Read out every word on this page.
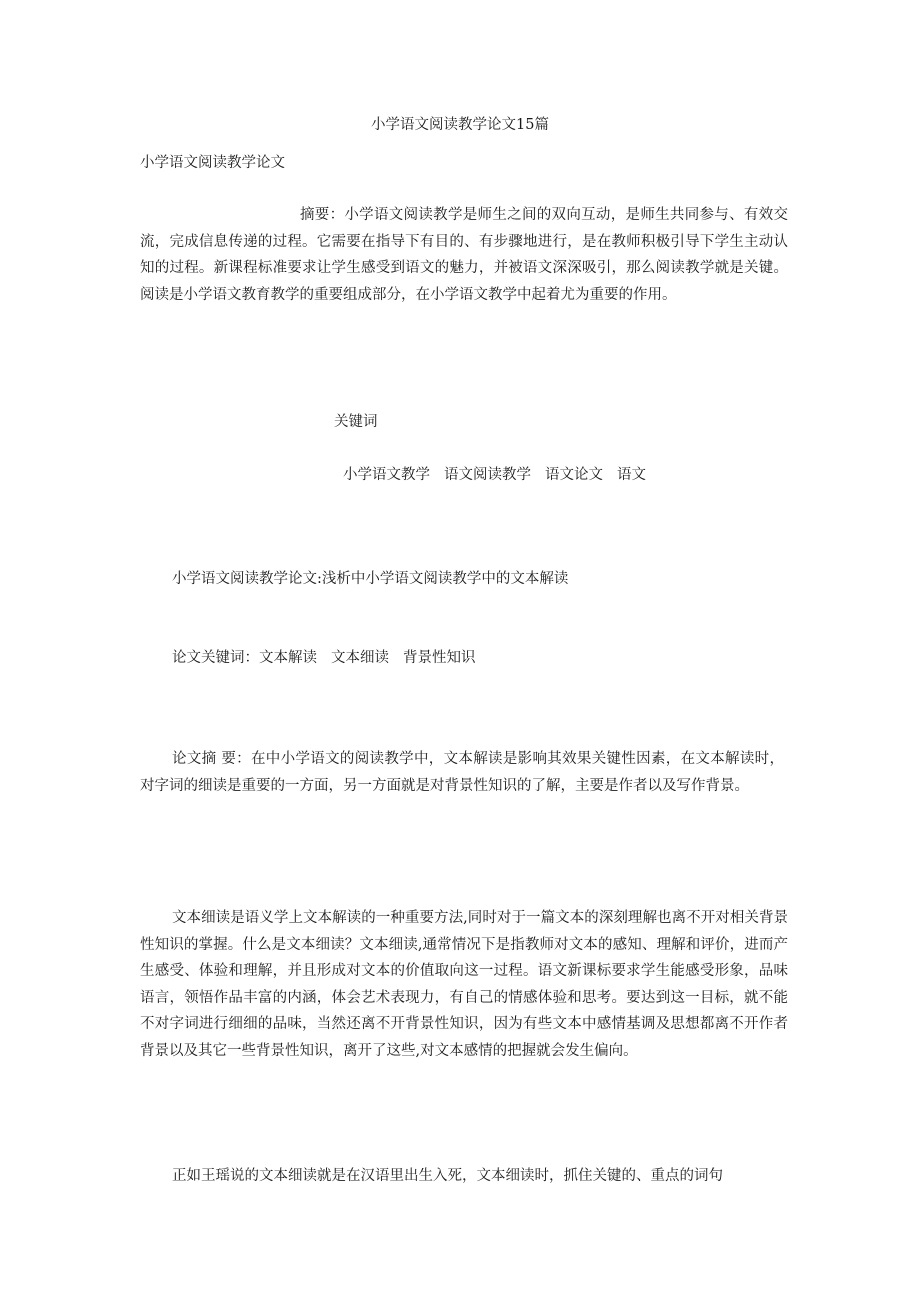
小学语文阅读教学论文15篇

小学语文阅读教学论文

摘要：小学语文阅读教学是师生之间的双向互动，是师生共同参与、有效交流，完成信息传递的过程。它需要在指导下有目的、有步骤地进行，是在教师积极引导下学生主动认知的过程。新课程标准要求让学生感受到语文的魅力，并被语文深深吸引，那么阅读教学就是关键。阅读是小学语文教育教学的重要组成部分，在小学语文教学中起着尤为重要的作用。

关键词

小学语文教学 语文阅读教学 语文论文 语文

小学语文阅读教学论文:浅析中小学语文阅读教学中的文本解读

论文关键词：文本解读 文本细读 背景性知识

论文摘 要：在中小学语文的阅读教学中，文本解读是影响其效果关键性因素，在文本解读时，对字词的细读是重要的一方面，另一方面就是对背景性知识的了解，主要是作者以及写作背景。

文本细读是语义学上文本解读的一种重要方法,同时对于一篇文本的深刻理解也离不开对相关背景性知识的掌握。什么是文本细读？文本细读,通常情况下是指教师对文本的感知、理解和评价，进而产生感受、体验和理解，并且形成对文本的价值取向这一过程。语文新课标要求学生能感受形象，品味语言，领悟作品丰富的内涵，体会艺术表现力，有自己的情感体验和思考。要达到这一目标，就不能不对字词进行细细的品味，当然还离不开背景性知识，因为有些文本中感情基调及思想都离不开作者背景以及其它一些背景性知识，离开了这些,对文本感情的把握就会发生偏向。

正如王瑶说的文本细读就是在汉语里出生入死，文本细读时，抓住关键的、重点的词句
